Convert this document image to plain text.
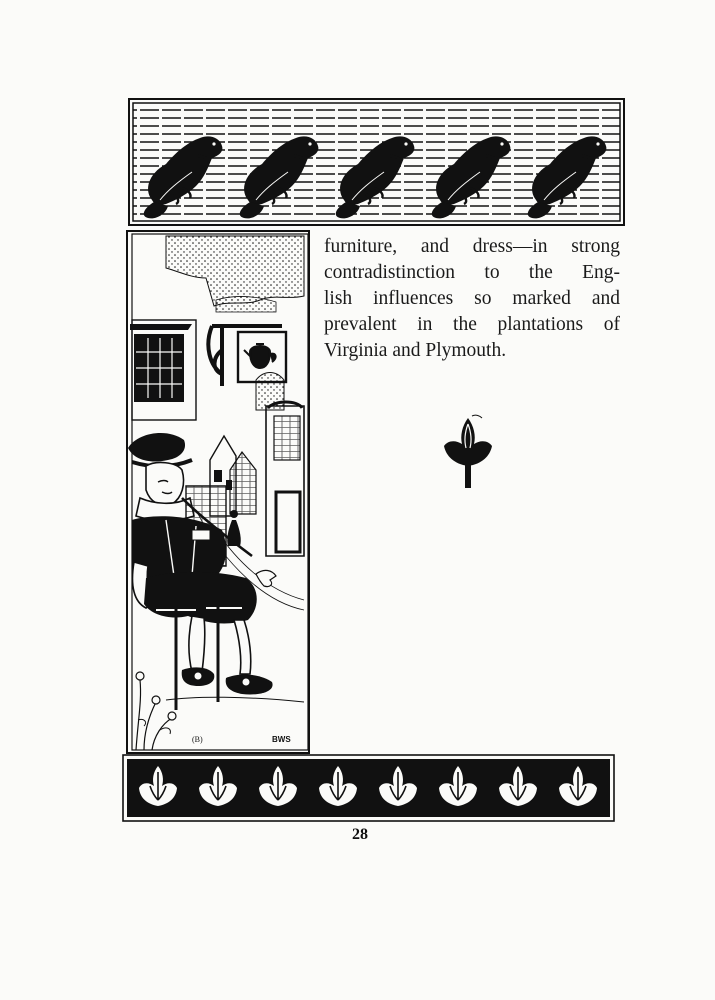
(B)	BWS

furniture, and dress—in strong
contradistinction to the Eng-
lish influences so marked and
prevalent in the plantations of
Virginia and Plymouth.

28
